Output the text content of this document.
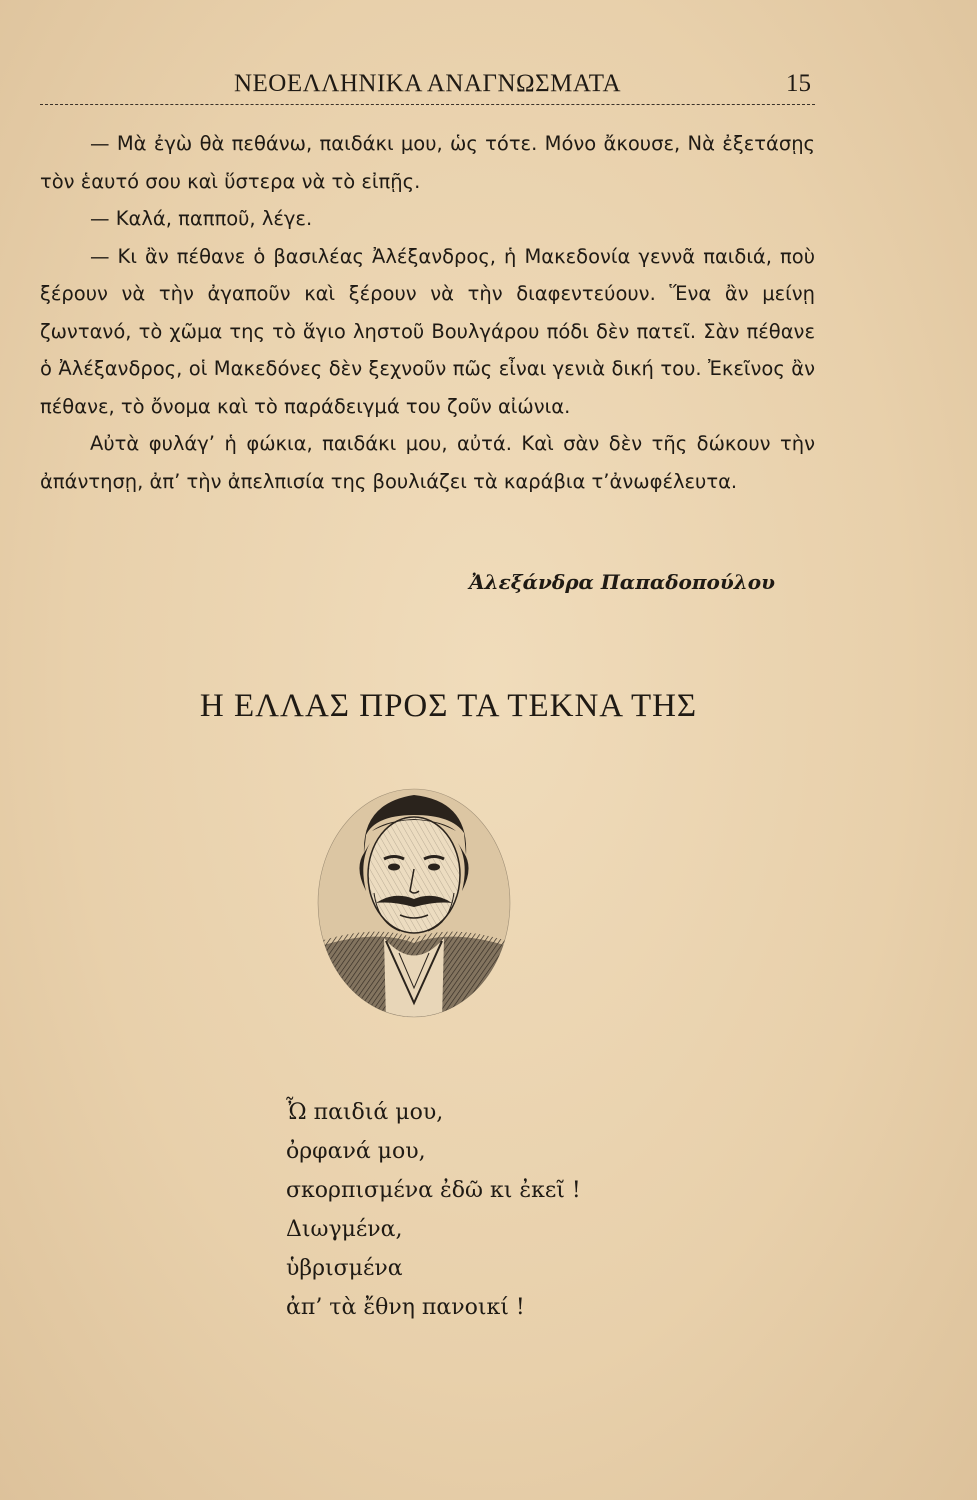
ΝΕΟΕΛΛΗΝΙΚΑ ΑΝΑΓΝΩΣΜΑΤΑ	15

— Μὰ ἐγὼ θὰ πεθάνω, παιδάκι μου, ὡς τότε. Μόνο ἄκουσε, Νὰ ἐξετάσῃς τὸν ἑαυτό σου καὶ ὕστερα νὰ τὸ εἰπῇς.

— Καλά, παπποῦ, λέγε.

— Κι ἂν πέθανε ὁ βασιλέας Ἀλέξανδρος, ἡ Μακεδονία γεννᾶ παιδιά, ποὺ ξέρουν νὰ τὴν ἀγαποῦν καὶ ξέρουν νὰ τὴν διαφεντεύουν. Ἕνα ἂν μείνῃ ζωντανό, τὸ χῶμα της τὸ ἅγιο ληστοῦ Βουλγάρου πόδι δὲν πατεῖ. Σὰν πέθανε ὁ Ἀλέξανδρος, οἱ Μακεδόνες δὲν ξεχνοῦν πῶς εἶναι γενιὰ δική του. Ἐκεῖνος ἂν πέθανε, τὸ ὄνομα καὶ τὸ παράδειγμά του ζοῦν αἰώνια.

Αὐτὰ φυλάγ’ ἡ φώκια, παιδάκι μου, αὐτά. Καὶ σὰν δὲν τῆς δώκουν τὴν ἀπάντησῃ, ἀπ’ τὴν ἀπελπισία της βουλιάζει τὰ καράβια τ’ἀνωφέλευτα.

Ἀλεξάνδρα Παπαδοπούλου
Η ΕΛΛΑΣ ΠΡΟΣ ΤΑ ΤΕΚΝΑ ΤΗΣ
Ὦ παιδιά μου,
ὀρφανά μου,
σκορπισμένα ἐδῶ κι ἐκεῖ !
Διωγμένα,
ὑβρισμένα
ἀπ’ τὰ ἔθνη πανοικί !
